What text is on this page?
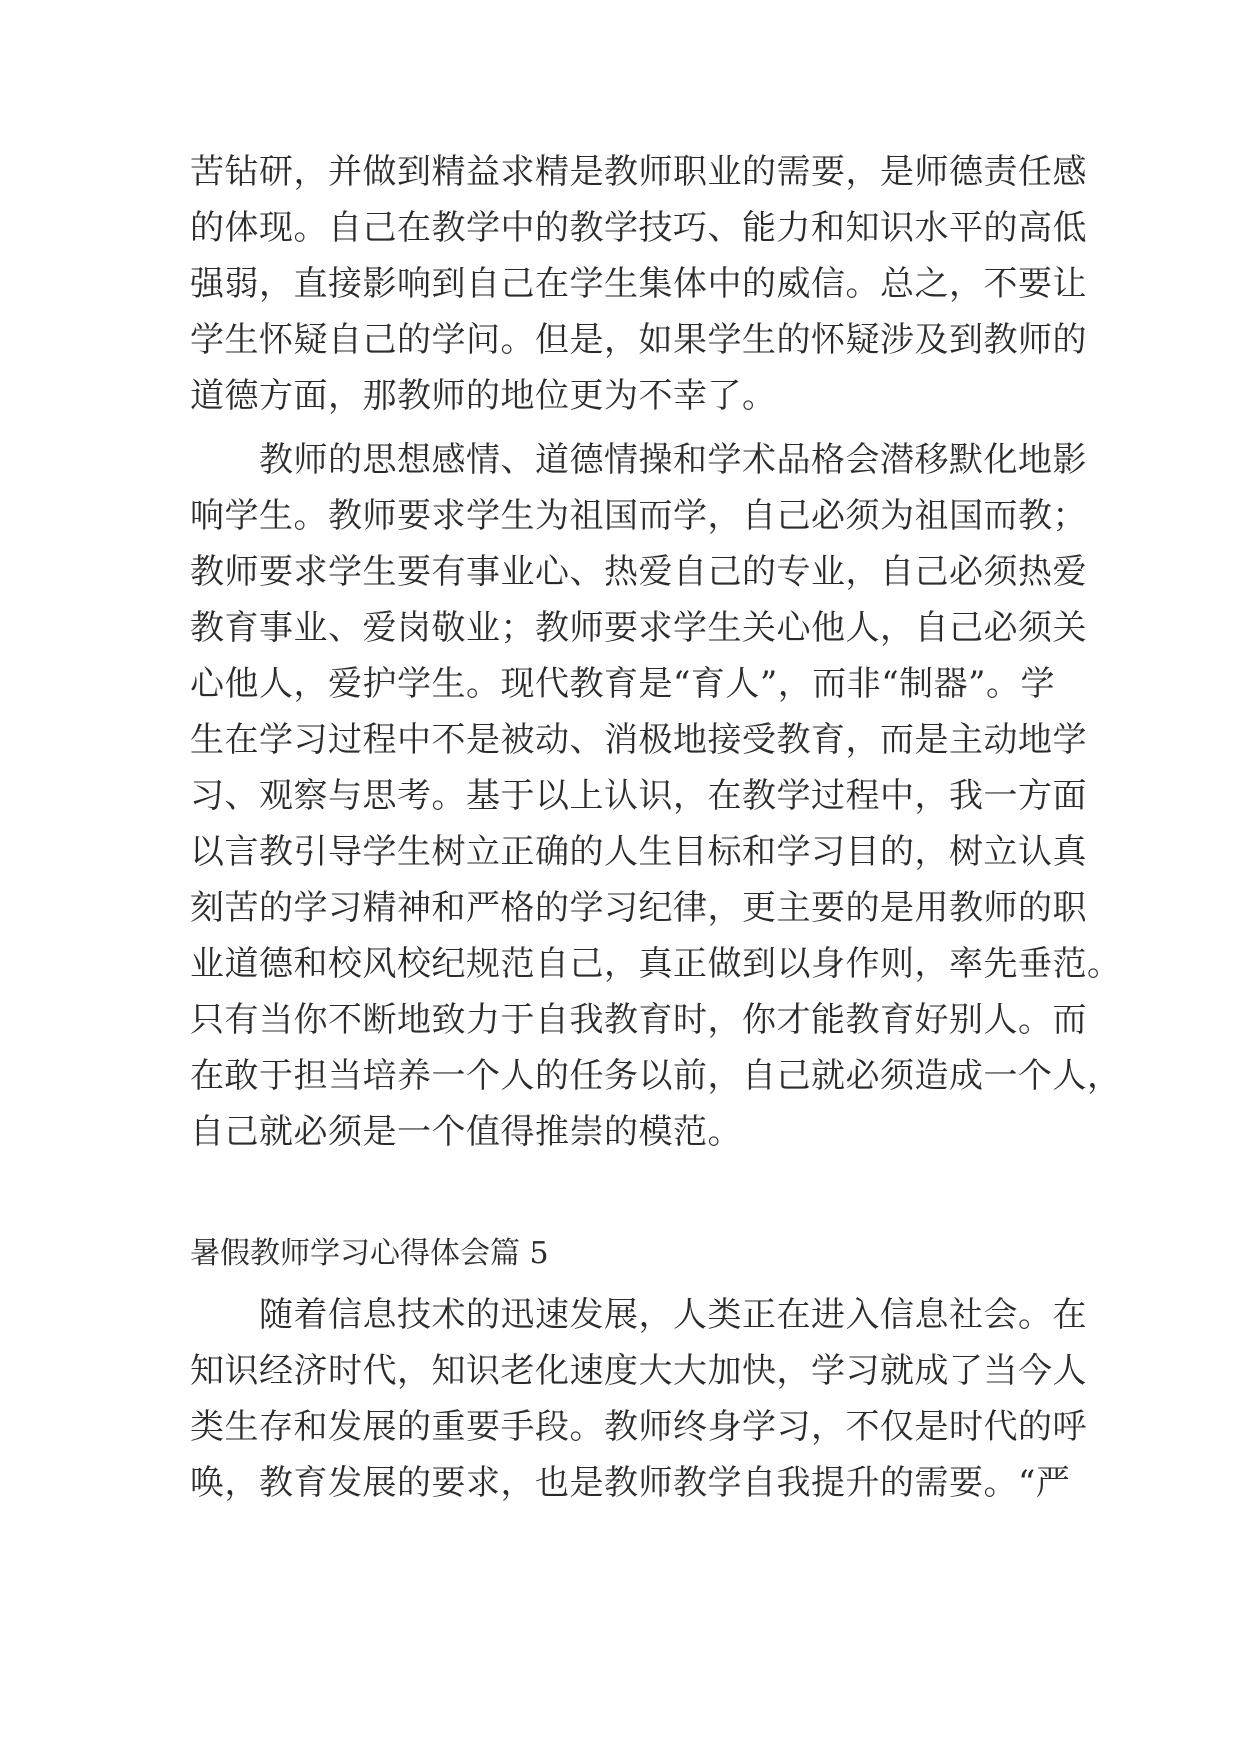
苦钻研，并做到精益求精是教师职业的需要，是师德责任感
的体现。自己在教学中的教学技巧、能力和知识水平的高低
强弱，直接影响到自己在学生集体中的威信。总之，不要让
学生怀疑自己的学问。但是，如果学生的怀疑涉及到教师的
道德方面，那教师的地位更为不幸了。
　　教师的思想感情、道德情操和学术品格会潜移默化地影
响学生。教师要求学生为祖国而学，自己必须为祖国而教；
教师要求学生要有事业心、热爱自己的专业，自己必须热爱
教育事业、爱岗敬业；教师要求学生关心他人，自己必须关
心他人，爱护学生。现代教育是“育人”，而非“制器”。学
生在学习过程中不是被动、消极地接受教育，而是主动地学
习、观察与思考。基于以上认识，在教学过程中，我一方面
以言教引导学生树立正确的人生目标和学习目的，树立认真
刻苦的学习精神和严格的学习纪律，更主要的是用教师的职
业道德和校风校纪规范自己，真正做到以身作则，率先垂范。
只有当你不断地致力于自我教育时，你才能教育好别人。而
在敢于担当培养一个人的任务以前，自己就必须造成一个人，
自己就必须是一个值得推崇的模范。
暑假教师学习心得体会篇 5
　　随着信息技术的迅速发展，人类正在进入信息社会。在
知识经济时代，知识老化速度大大加快，学习就成了当今人
类生存和发展的重要手段。教师终身学习，不仅是时代的呼
唤，教育发展的要求，也是教师教学自我提升的需要。“严
